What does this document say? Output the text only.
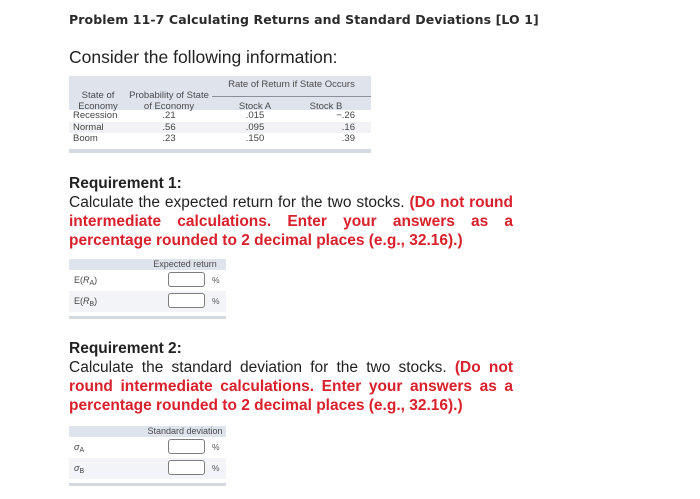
Problem 11-7 Calculating Returns and Standard Deviations [LO 1]
Consider the following information:
State of
Economy
Probability of State
of Economy
Rate of Return if State Occurs
Stock A	Stock B
Recession	.21	.015	−.26
Normal	.56	.095	.16
Boom	.23	.150	.39
Requirement 1:
Calculate the expected return for the two stocks. (Do not round intermediate calculations. Enter your answers as a percentage rounded to 2 decimal places (e.g., 32.16).)
Expected return
$E(R_A)$	%
$E(R_B)$	%
Requirement 2:
Calculate the standard deviation for the two stocks. (Do not round intermediate calculations. Enter your answers as a percentage rounded to 2 decimal places (e.g., 32.16).)
Standard deviation
$\sigma_A$	%
$\sigma_B$	%
